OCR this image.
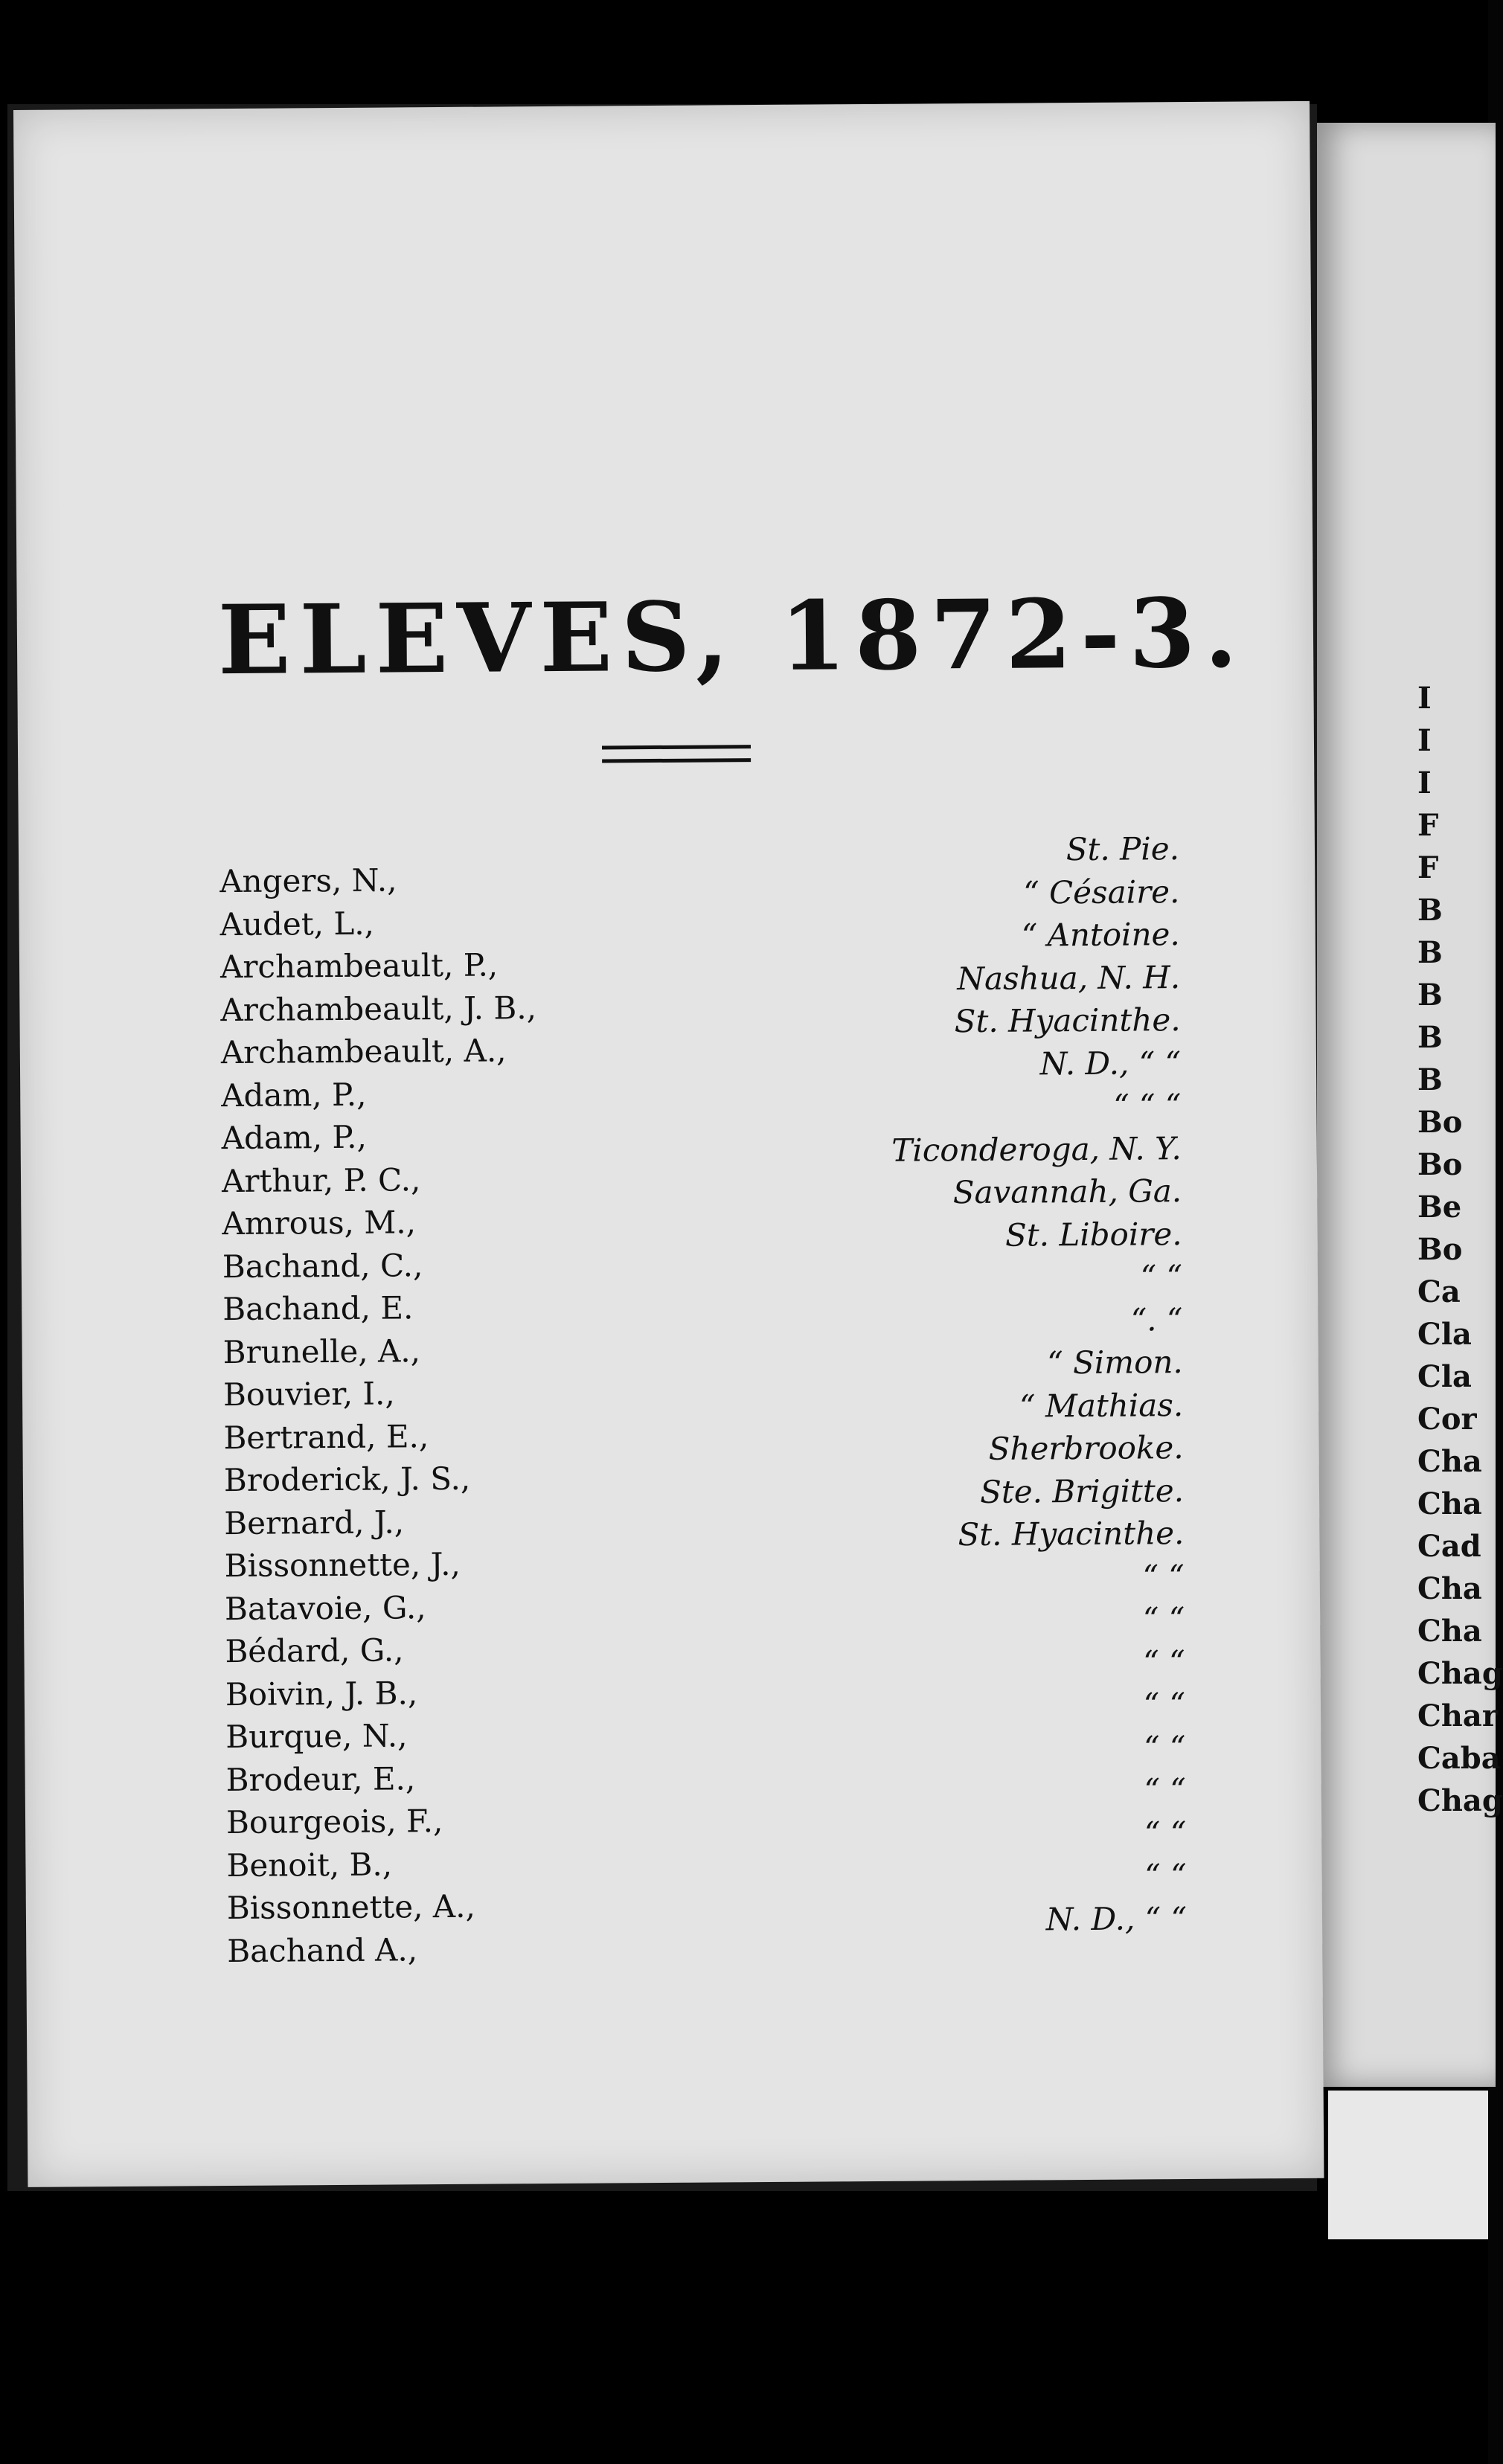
I
I
I
F
F
B
B
B
B
B
Bo
Bo
Be
Bo
Ca
Cla
Cla
Cor
Cha
Cha
Cad
Cha
Cha
Chag
Char
Caba
Chag

ELEVES, 1872-3.
Angers, N.,
Audet, L.,
Archambeault, P.,
Archambeault, J. B.,
Archambeault, A.,
Adam, P.,
Adam, P.,
Arthur, P. C.,
Amrous, M.,
Bachand, C.,
Bachand, E.
Brunelle, A.,
Bouvier, I.,
Bertrand, E.,
Broderick, J. S.,
Bernard, J.,
Bissonnette, J.,
Batavoie, G.,
Bédard, G.,
Boivin, J. B.,
Burque, N.,
Brodeur, E.,
Bourgeois, F.,
Benoit, B.,
Bissonnette, A.,
Bachand A.,
St. Pie.
“ Césaire.
“ Antoine.
Nashua, N. H.
St. Hyacinthe.
N. D., “ “
“ “ “
Ticonderoga, N. Y.
Savannah, Ga.
St. Liboire.
“ “
“. “
“ Simon.
“ Mathias.
Sherbrooke.
Ste. Brigitte.
St. Hyacinthe.
“ “
“ “
“ “
“ “
“ “
“ “
“ “
“ “
N. D., “ “
